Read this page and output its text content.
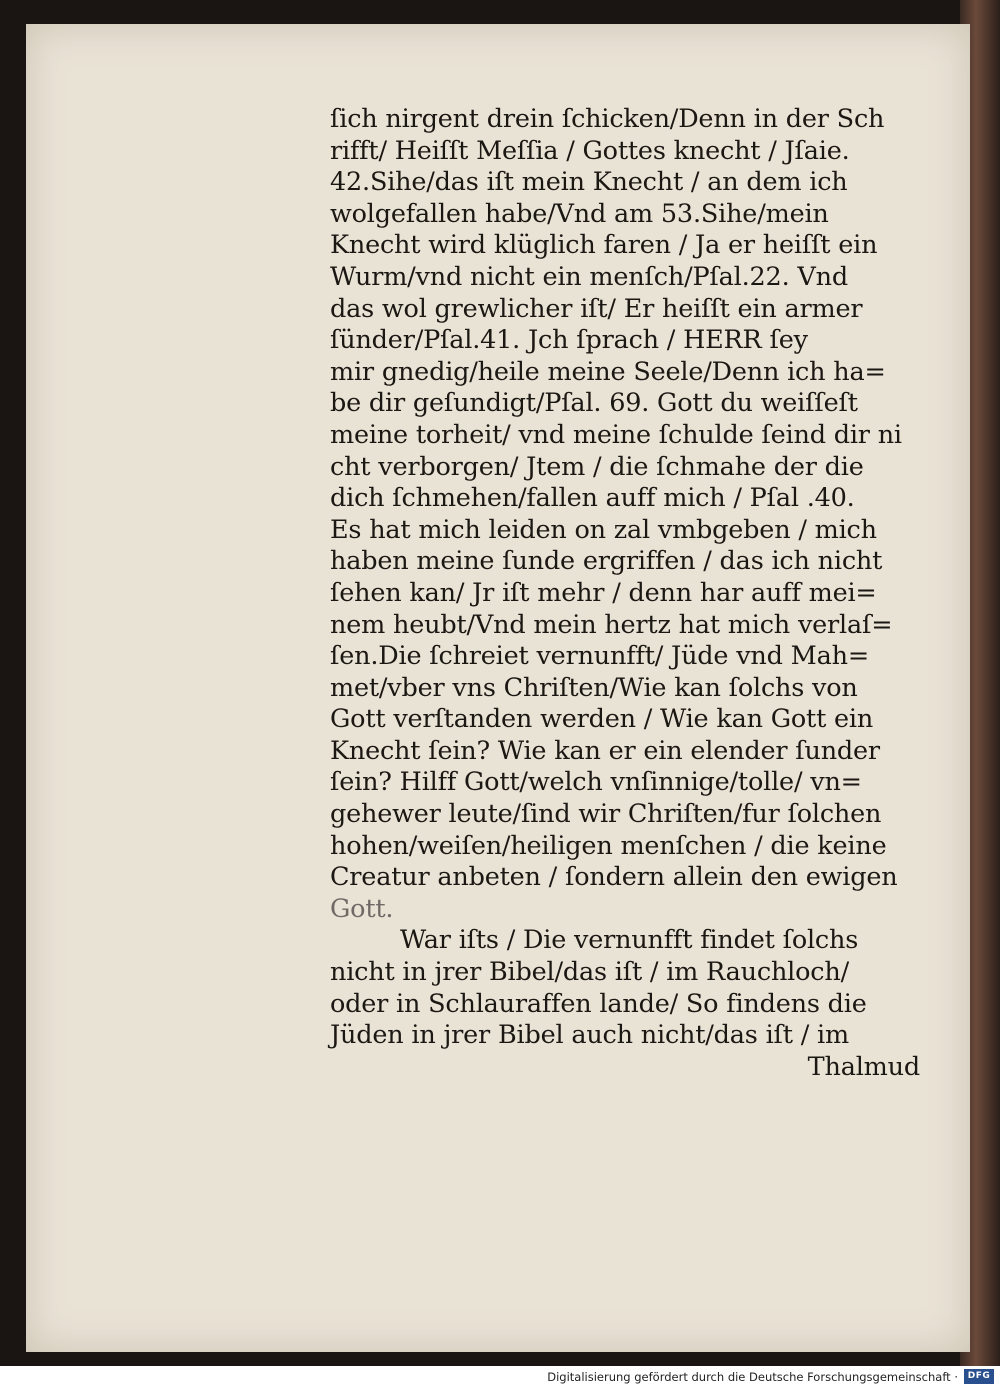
ſich nirgent drein ſchicken/Denn in der Sch
rifft/ Heiſſt Meſſia / Gottes knecht / Jſaie.
42.Sihe/das iſt mein Knecht / an dem ich
wolgefallen habe/Vnd am 53.Sihe/mein
Knecht wird klüglich faren / Ja er heiſſt ein
Wurm/vnd nicht ein menſch/Pſal.22. Vnd
das wol grewlicher iſt/ Er heiſſt ein armer
ſünder/Pſal.41. Jch ſprach / HERR ſey
mir gnedig/heile meine Seele/Denn ich ha=
be dir geſundigt/Pſal. 69. Gott du weiſſeſt
meine torheit/ vnd meine ſchulde ſeind dir ni
cht verborgen/ Jtem / die ſchmahe der die
dich ſchmehen/fallen auff mich / Pſal .40.
Es hat mich leiden on zal vmbgeben / mich
haben meine ſunde ergriffen / das ich nicht
ſehen kan/ Jr iſt mehr / denn har auff mei=
nem heubt/Vnd mein hertz hat mich verlaſ=
ſen.Die ſchreiet vernunfft/ Jüde vnd Mah=
met/vber vns Chriſten/Wie kan ſolchs von
Gott verſtanden werden / Wie kan Gott ein
Knecht ſein? Wie kan er ein elender ſunder
ſein? Hilff Gott/welch vnſinnige/tolle/ vn=
gehewer leute/ſind wir Chriſten/fur ſolchen
hohen/weiſen/heiligen menſchen / die keine
Creatur anbeten / ſondern allein den ewigen
Gott.
War iſts / Die vernunfft findet ſolchs
nicht in jrer Bibel/das iſt / im Rauchloch/
oder in Schlauraffen lande/ So findens die
Jüden in jrer Bibel auch nicht/das iſt / im
Thalmud
Digitalisierung gefördert durch die Deutsche Forschungsgemeinschaft ·	DFG
